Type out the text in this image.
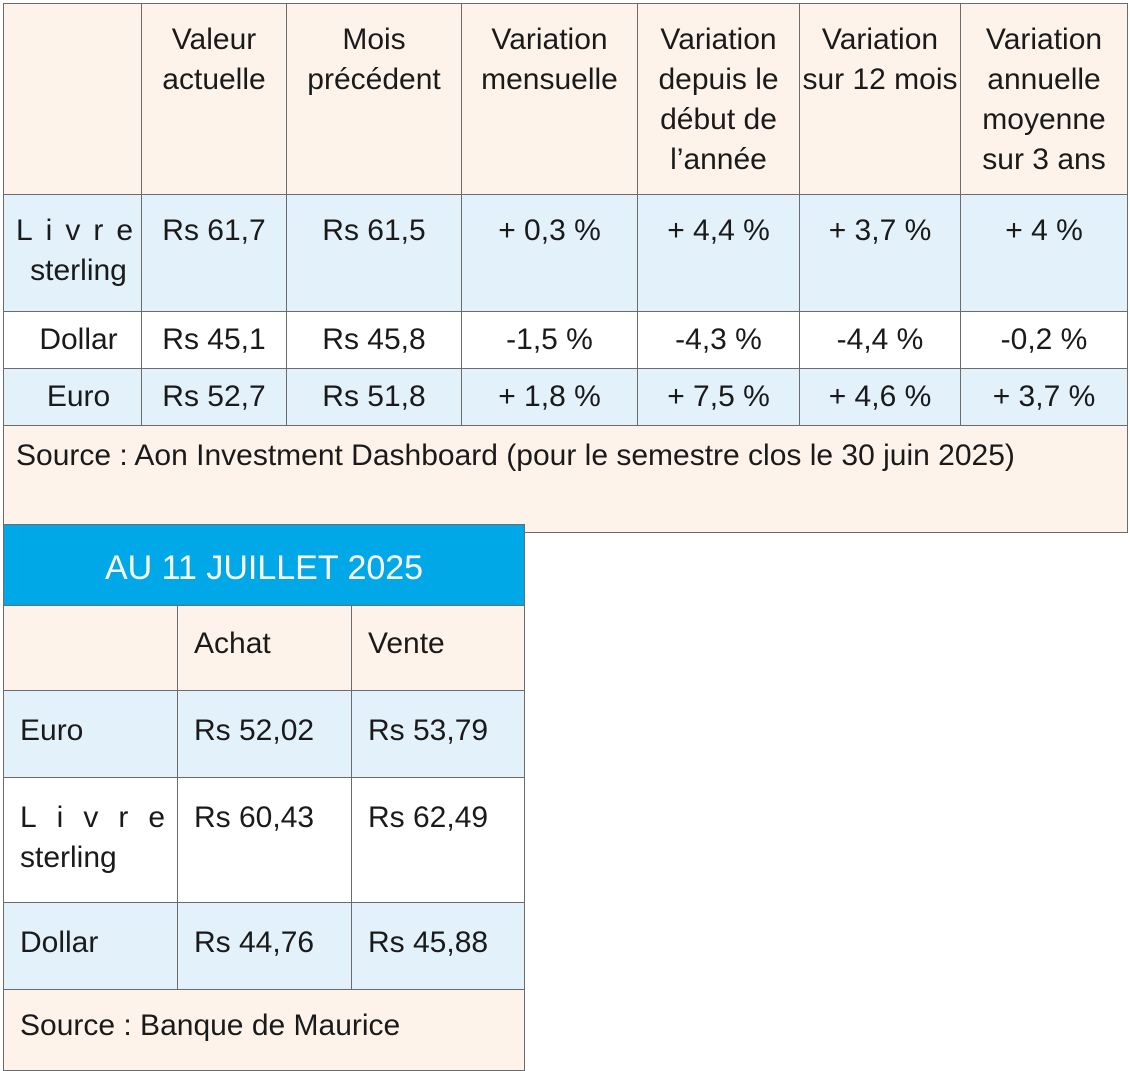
	Valeur actuelle	Mois précédent	Variation mensuelle	Variation depuis le début de l’année	Variation sur 12 mois	Variation annuelle moyenne sur 3 ans
Livre
sterling	Rs 61,7	Rs 61,5	+ 0,3 %	+ 4,4 %	+ 3,7 %	+ 4 %
Dollar	Rs 45,1	Rs 45,8	-1,5 %	-4,3 %	-4,4 %	-0,2 %
Euro	Rs 52,7	Rs 51,8	+ 1,8 %	+ 7,5 %	+ 4,6 %	+ 3,7 %
Source : Aon Investment Dashboard (pour le semestre clos le 30 juin 2025)						
AU 11 JUILLET 2025		
	Achat	Vente
Euro	Rs 52,02	Rs 53,79
Livre
sterling	Rs 60,43	Rs 62,49
Dollar	Rs 44,76	Rs 45,88
Source : Banque de Maurice		
